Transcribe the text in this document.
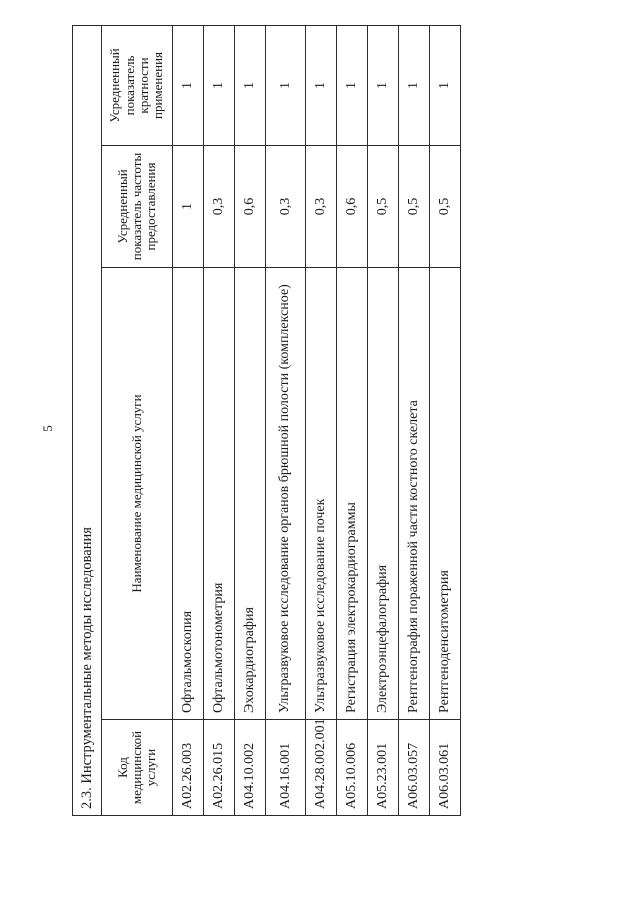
5
2.3. Инструментальные методы исследования			
Код медицинской услуги	Наименование медицинской услуги	Усредненный показатель частоты предоставления	Усредненный показатель кратности применения
A02.26.003	Офтальмоскопия	1	1
A02.26.015	Офтальмотонометрия	0,3	1
A04.10.002	Эхокардиография	0,6	1
A04.16.001	Ультразвуковое исследование органов брюшной полости (комплексное)	0,3	1
A04.28.002.001	Ультразвуковое исследование почек	0,3	1
A05.10.006	Регистрация электрокардиограммы	0,6	1
A05.23.001	Электроэнцефалография	0,5	1
A06.03.057	Рентгенография пораженной части костного скелета	0,5	1
A06.03.061	Рентгеноденситометрия	0,5	1
